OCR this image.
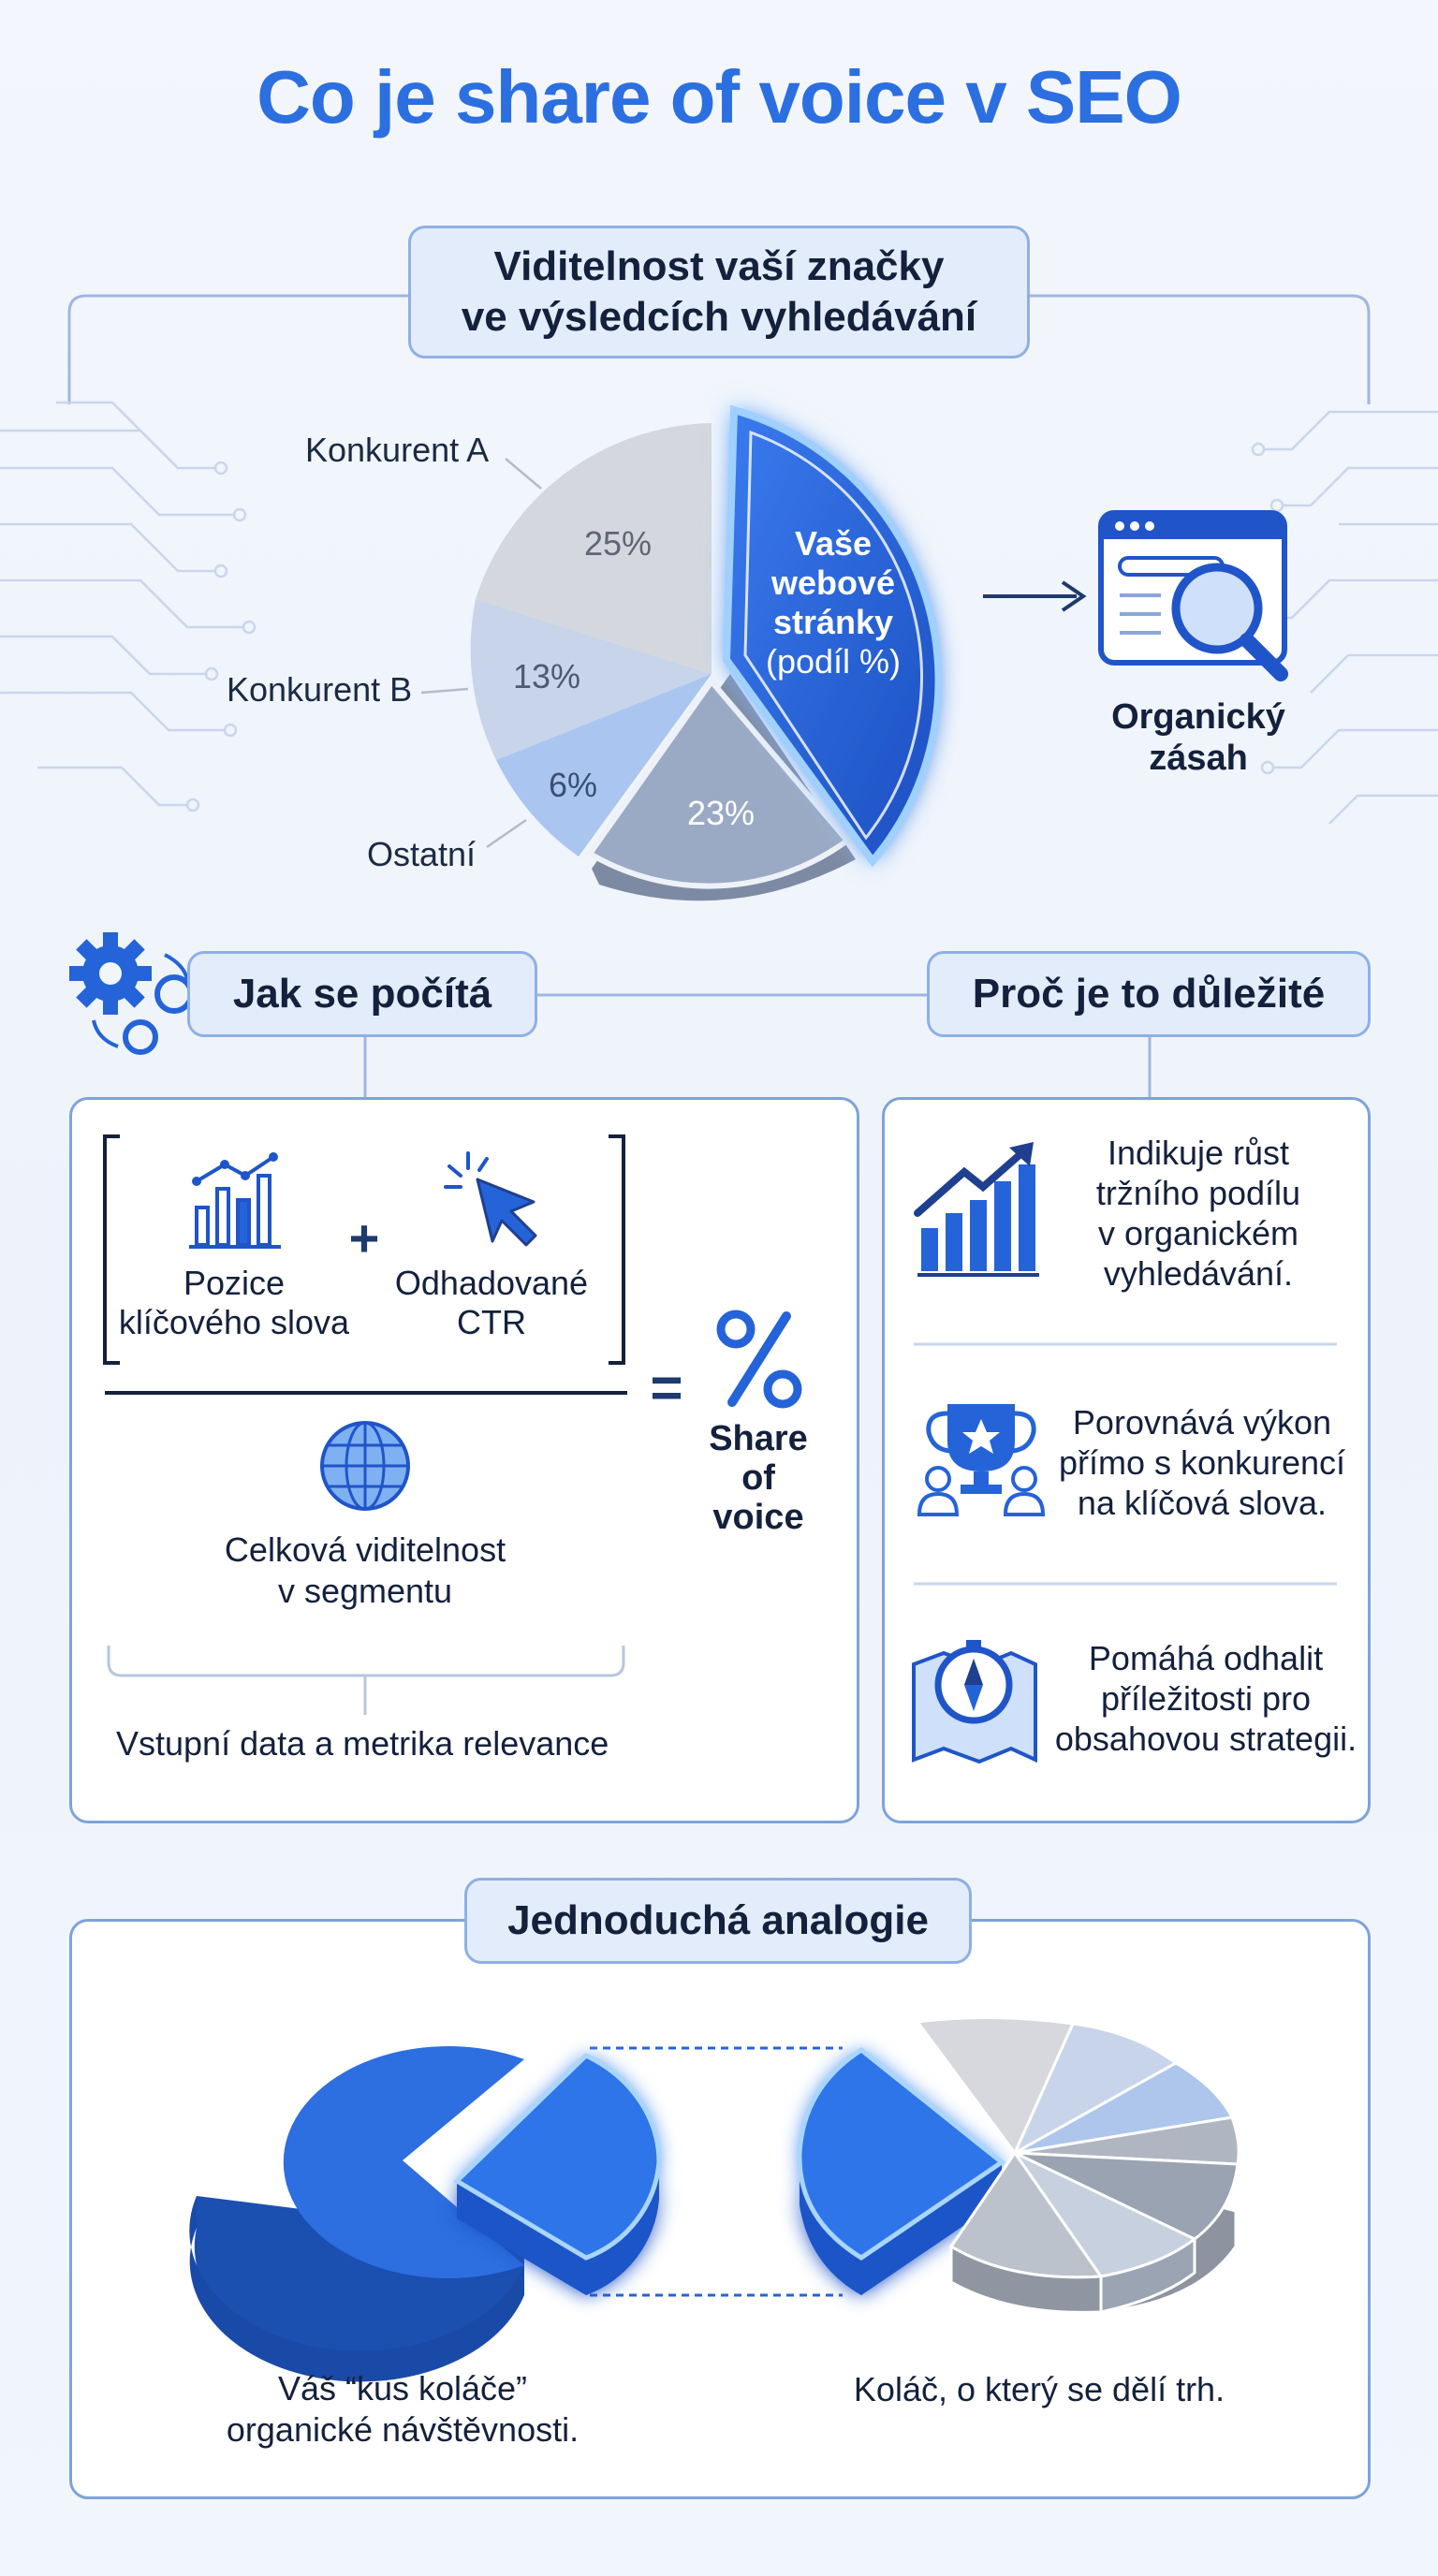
Co je share of voice v SEO
Viditelnost vaší značky
ve výsledcích vyhledávání
Vaše
webové
stránky
(podíl %)
25%
13%
6%
23%
Konkurent A
Konkurent B
Ostatní
Organický
zásah
Jak se počítá	Proč je to důležité
Pozice
klíčového slova
+
Odhadované
CTR
Celková viditelnost
v segmentu
=
Share
of voice
Vstupní data a metrika relevance
Indikuje růst
tržního podílu
v organickém
vyhledávání.
Porovnává výkon
přímo s konkurencí
na klíčová slova.
Pomáhá odhalit
příležitosti pro
obsahovou strategii.
Jednoduchá analogie
Váš “kus koláče”
organické návštěvnosti.
Koláč, o který se dělí trh.
